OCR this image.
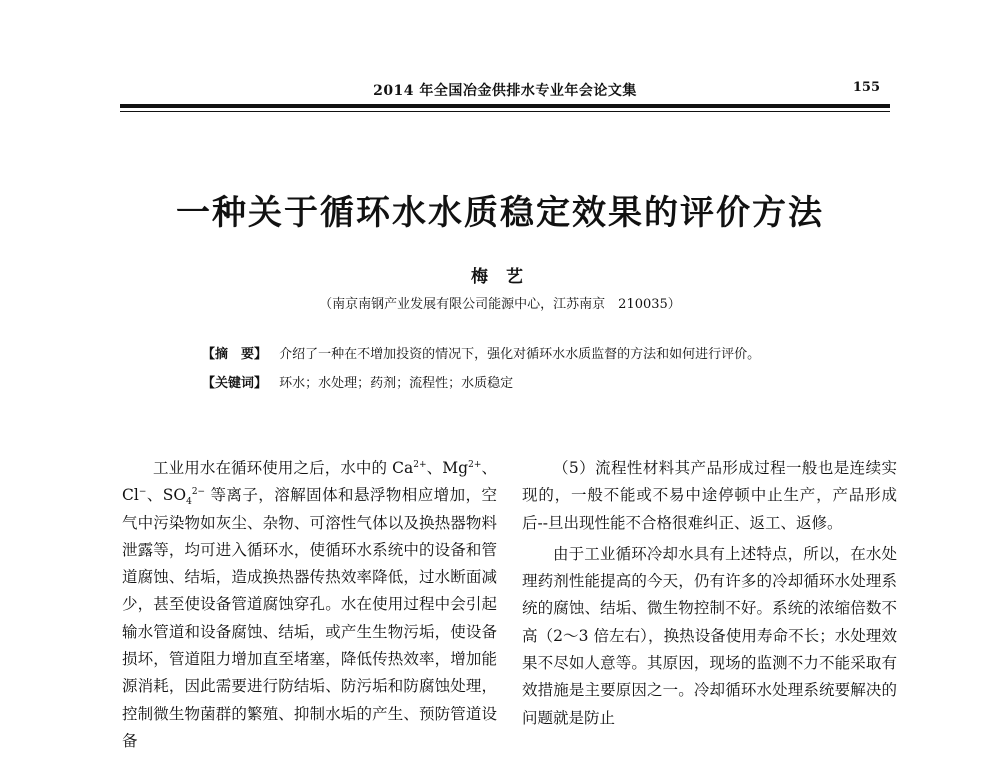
2014 年全国冶金供排水专业年会论文集	155
一种关于循环水水质稳定效果的评价方法
梅 艺
（南京南钢产业发展有限公司能源中心，江苏南京　210035）
【摘　要】 介绍了一种在不增加投资的情况下，强化对循环水水质监督的方法和如何进行评价。
【关键词】 环水；水处理；药剂；流程性；水质稳定

工业用水在循环使用之后，水中的 $Ca^{2+}$、$Mg^{2+}$、Cl−、$SO_4^{2-}$ 等离子，溶解固体和悬浮物相应增加，空气中污染物如灰尘、杂物、可溶性气体以及换热器物料泄露等，均可进入循环水，使循环水系统中的设备和管道腐蚀、结垢，造成换热器传热效率降低，过水断面减少，甚至使设备管道腐蚀穿孔。水在使用过程中会引起输水管道和设备腐蚀、结垢，或产生生物污垢，使设备损坏，管道阻力增加直至堵塞，降低传热效率，增加能源消耗，因此需要进行防结垢、防污垢和防腐蚀处理，控制微生物菌群的繁殖、抑制水垢的产生、预防管道设备

（5）流程性材料其产品形成过程一般也是连续实现的，一般不能或不易中途停顿中止生产，产品形成后--旦出现性能不合格很难纠正、返工、返修。

由于工业循环冷却水具有上述特点，所以，在水处理药剂性能提高的今天，仍有许多的冷却循环水处理系统的腐蚀、结垢、微生物控制不好。系统的浓缩倍数不高（2～3 倍左右），换热设备使用寿命不长；水处理效果不尽如人意等。其原因，现场的监测不力不能采取有效措施是主要原因之一。冷却循环水处理系统要解决的问题就是防止
